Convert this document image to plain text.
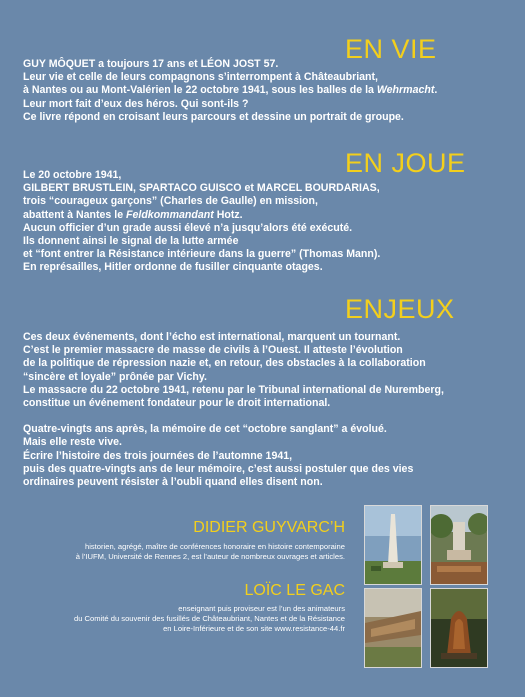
EN VIE

GUY MÔQUET a toujours 17 ans et LÉON JOST 57.

Leur vie et celle de leurs compagnons s’interrompent à Châteaubriant,

à Nantes ou au Mont-Valérien le 22 octobre 1941, sous les balles de la Wehrmacht.

Leur mort fait d’eux des héros. Qui sont-ils ?

Ce livre répond en croisant leurs parcours et dessine un portrait de groupe.

EN JOUE

Le 20 octobre 1941,

GILBERT BRUSTLEIN, SPARTACO GUISCO et MARCEL BOURDARIAS,

trois “courageux garçons” (Charles de Gaulle) en mission,

abattent à Nantes le Feldkommandant Hotz.

Aucun officier d’un grade aussi élevé n’a jusqu’alors été exécuté.

Ils donnent ainsi le signal de la lutte armée

et “font entrer la Résistance intérieure dans la guerre” (Thomas Mann).

En représailles, Hitler ordonne de fusiller cinquante otages.

ENJEUX

Ces deux événements, dont l’écho est international, marquent un tournant.

C’est le premier massacre de masse de civils à l’Ouest. Il atteste l’évolution

de la politique de répression nazie et, en retour, des obstacles à la collaboration

“sincère et loyale” prônée par Vichy.

Le massacre du 22 octobre 1941, retenu par le Tribunal international de Nuremberg,

constitue un événement fondateur pour le droit international.

Quatre-vingts ans après, la mémoire de cet “octobre sanglant” a évolué.

Mais elle reste vive.

Écrire l’histoire des trois journées de l’automne 1941,

puis des quatre-vingts ans de leur mémoire, c’est aussi postuler que des vies

ordinaires peuvent résister à l’oubli quand elles disent non.

DIDIER GUYVARC’H

historien, agrégé, maître de conférences honoraire en histoire contemporaine

à l’IUFM, Université de Rennes 2, est l’auteur de nombreux ouvrages et articles.

LOÏC LE GAC

enseignant puis proviseur est l’un des animateurs

du Comité du souvenir des fusillés de Châteaubriant, Nantes et de la Résistance

en Loire-Inférieure et de son site www.resistance-44.fr
